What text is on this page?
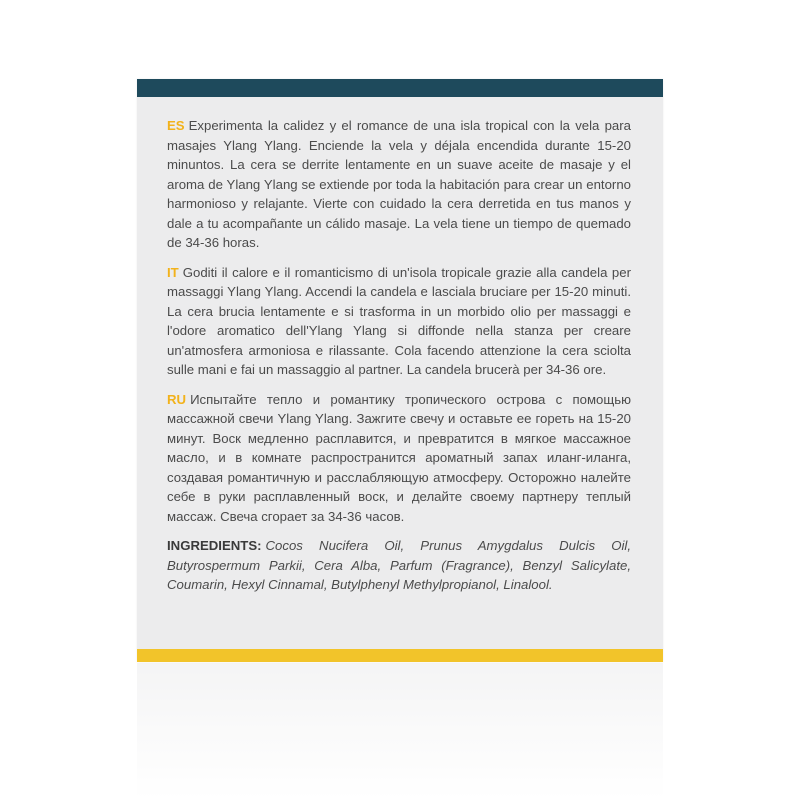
ES Experimenta la calidez y el romance de una isla tropical con la vela para masajes Ylang Ylang. Enciende la vela y déjala encendida durante 15-20 minuntos. La cera se derrite lentamente en un suave aceite de masaje y el aroma de Ylang Ylang se extiende por toda la habitación para crear un entorno harmonioso y relajante. Vierte con cuidado la cera derretida en tus manos y dale a tu acompañante un cálido masaje. La vela tiene un tiempo de quemado de 34-36 horas.

IT Goditi il calore e il romanticismo di un'isola tropicale grazie alla candela per massaggi Ylang Ylang. Accendi la candela e lasciala bruciare per 15-20 minuti. La cera brucia lentamente e si trasforma in un morbido olio per massaggi e l'odore aromatico dell'Ylang Ylang si diffonde nella stanza per creare un'atmosfera armoniosa e rilassante. Cola facendo attenzione la cera sciolta sulle mani e fai un massaggio al partner. La candela brucerà per 34-36 ore.

RU Испытайте тепло и романтику тропического острова с помощью массажной свечи Ylang Ylang. Зажгите свечу и оставьте ее гореть на 15-20 минут. Воск медленно расплавится, и превратится в мягкое массажное масло, и в комнате распространится ароматный запах иланг-иланга, создавая романтичную и расслабляющую атмосферу. Осторожно налейте себе в руки расплавленный воск, и делайте своему партнеру теплый массаж. Свеча сгорает за 34-36 часов.

INGREDIENTS: Cocos Nucifera Oil, Prunus Amygdalus Dulcis Oil, Butyrospermum Parkii, Cera Alba, Parfum (Fragrance), Benzyl Salicylate, Coumarin, Hexyl Cinnamal, Butylphenyl Methylpropianol, Linalool.
